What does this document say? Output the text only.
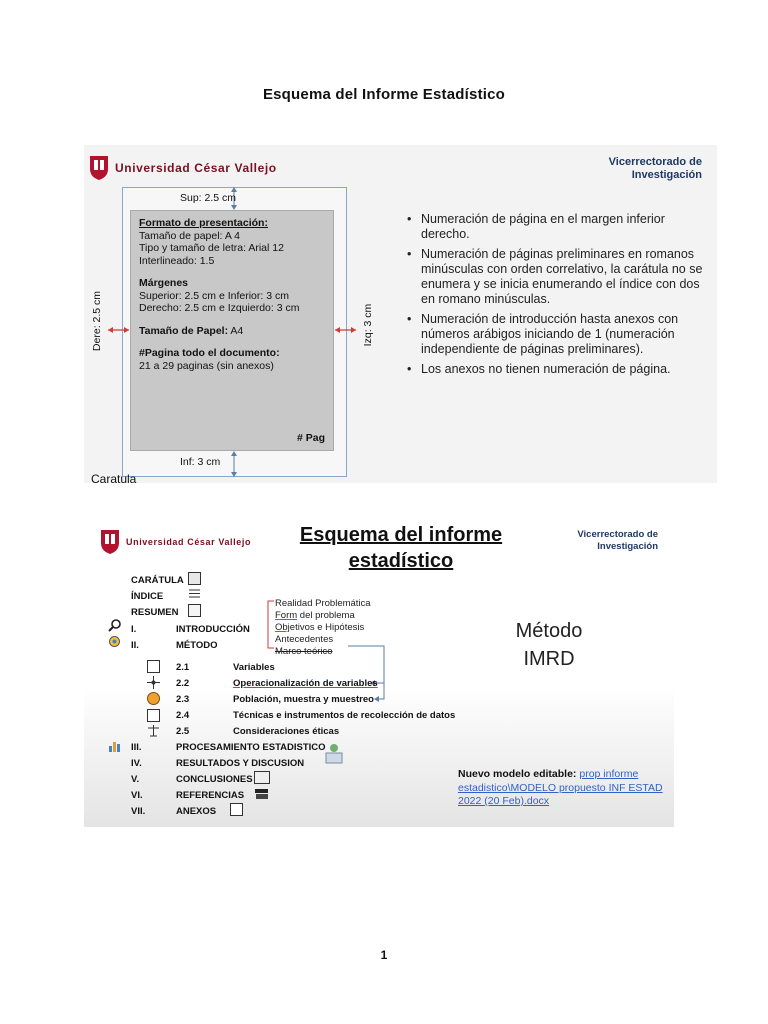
Esquema del Informe Estadístico
Universidad César Vallejo	Vicerrectorado de
Investigación
Sup: 2.5 cm
Inf: 3 cm
Dere: 2.5 cm	Izq: 3 cm
Formato de presentación:
Tamaño de papel: A 4
Tipo y tamaño de letra: Arial 12
Interlineado: 1.5
Márgenes
Superior: 2.5 cm e Inferior: 3 cm
Derecho: 2.5 cm e Izquierdo: 3 cm
Tamaño de Papel: A4
#Pagina todo el documento:
21 a 29 paginas (sin anexos)
# Pag
• Numeración de página en el margen inferior derecho.
• Numeración de páginas preliminares en romanos minúsculas con orden correlativo, la carátula no se enumera y se inicia enumerando el índice con dos en romano minúsculas.
• Numeración de introducción hasta anexos con números arábigos iniciando de 1 (numeración independiente de páginas preliminares).
• Los anexos no tienen numeración de página.
Caratula
Universidad César Vallejo	Esquema del informe
estadístico
Vicerrectorado de
Investigación
CARÁTULA
ÍNDICE
RESUMEN
I.	INTRODUCCIÓN
II.	MÉTODO
Realidad Problemática
Form del problema
Objetivos e Hipótesis
Antecedentes
Marco teórico
2.1	Variables
2.2	Operacionalización de variables
2.3	Población, muestra y muestreo
2.4	Técnicas e instrumentos de recolección de datos
2.5	Consideraciones éticas
III.	PROCESAMIENTO ESTADISTICO
IV.	RESULTADOS Y DISCUSION
V.	CONCLUSIONES
VI.	REFERENCIAS
VII.	ANEXOS
Método
IMRD
Nuevo modelo editable: prop informe estadistico\MODELO propuesto INF ESTAD 2022 (20 Feb).docx
1
